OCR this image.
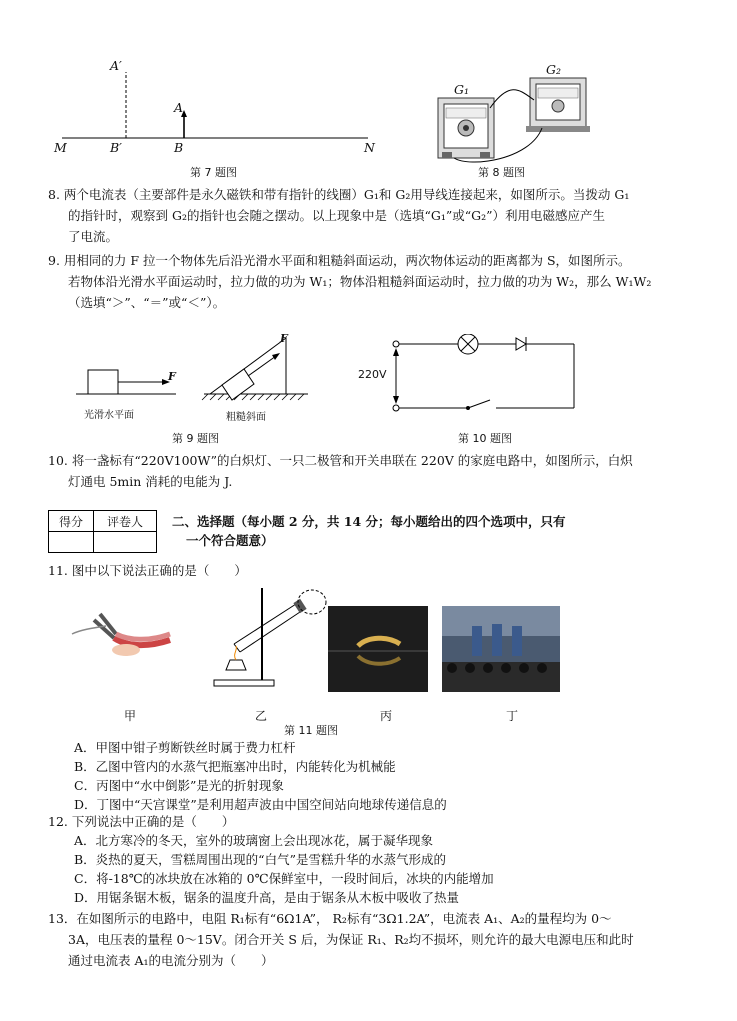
A′
A
M	B′	B	N
第 7 题图
G₁
G₂
第 8 题图
8. 两个电流表（主要部件是永久磁铁和带有指针的线圈）G₁和 G₂用导线连接起来，如图所示。当拨动 G₁
的指针时，观察到 G₂的指针也会随之摆动。以上现象中是（选填“G₁”或“G₂”）利用电磁感应产生
了电流。
9. 用相同的力 F 拉一个物体先后沿光滑水平面和粗糙斜面运动，两次物体运动的距离都为 S，如图所示。
若物体沿光滑水平面运动时，拉力做的功为 W₁；物体沿粗糙斜面运动时，拉力做的功为 W₂，那么 W₁W₂
（选填“＞”、“＝”或“＜”）。
F
F
光滑水平面	粗糙斜面
第 9 题图
220V
第 10 题图
10. 将一盏标有“220V100W”的白炽灯、一只二极管和开关串联在 220V 的家庭电路中，如图所示，白炽
灯通电 5min 消耗的电能为 J.
得分	评卷人
	二、选择题（每小题 2 分，共 14 分；每小题给出的四个选项中，只有
一个符合题意）
11. 图中以下说法正确的是（　　）
甲	乙	丙	丁
第 11 题图
A．甲图中钳子剪断铁丝时属于费力杠杆
B．乙图中管内的水蒸气把瓶塞冲出时，内能转化为机械能
C．丙图中“水中倒影”是光的折射现象
D．丁图中“天宫课堂”是利用超声波由中国空间站向地球传递信息的
12. 下列说法中正确的是（　　）
A．北方寒冷的冬天，室外的玻璃窗上会出现冰花，属于凝华现象
B．炎热的夏天，雪糕周围出现的“白气”是雪糕升华的水蒸气形成的
C．将-18℃的冰块放在冰箱的 0℃保鲜室中，一段时间后，冰块的内能增加
D．用锯条锯木板，锯条的温度升高，是由于锯条从木板中吸收了热量
13．在如图所示的电路中，电阻 R₁标有“6Ω1A”， R₂标有“3Ω1.2A”，电流表 A₁、A₂的量程均为 0～
3A，电压表的量程 0～15V。闭合开关 S 后，为保证 R₁、R₂均不损坏，则允许的最大电源电压和此时
通过电流表 A₁的电流分别为（　　）
